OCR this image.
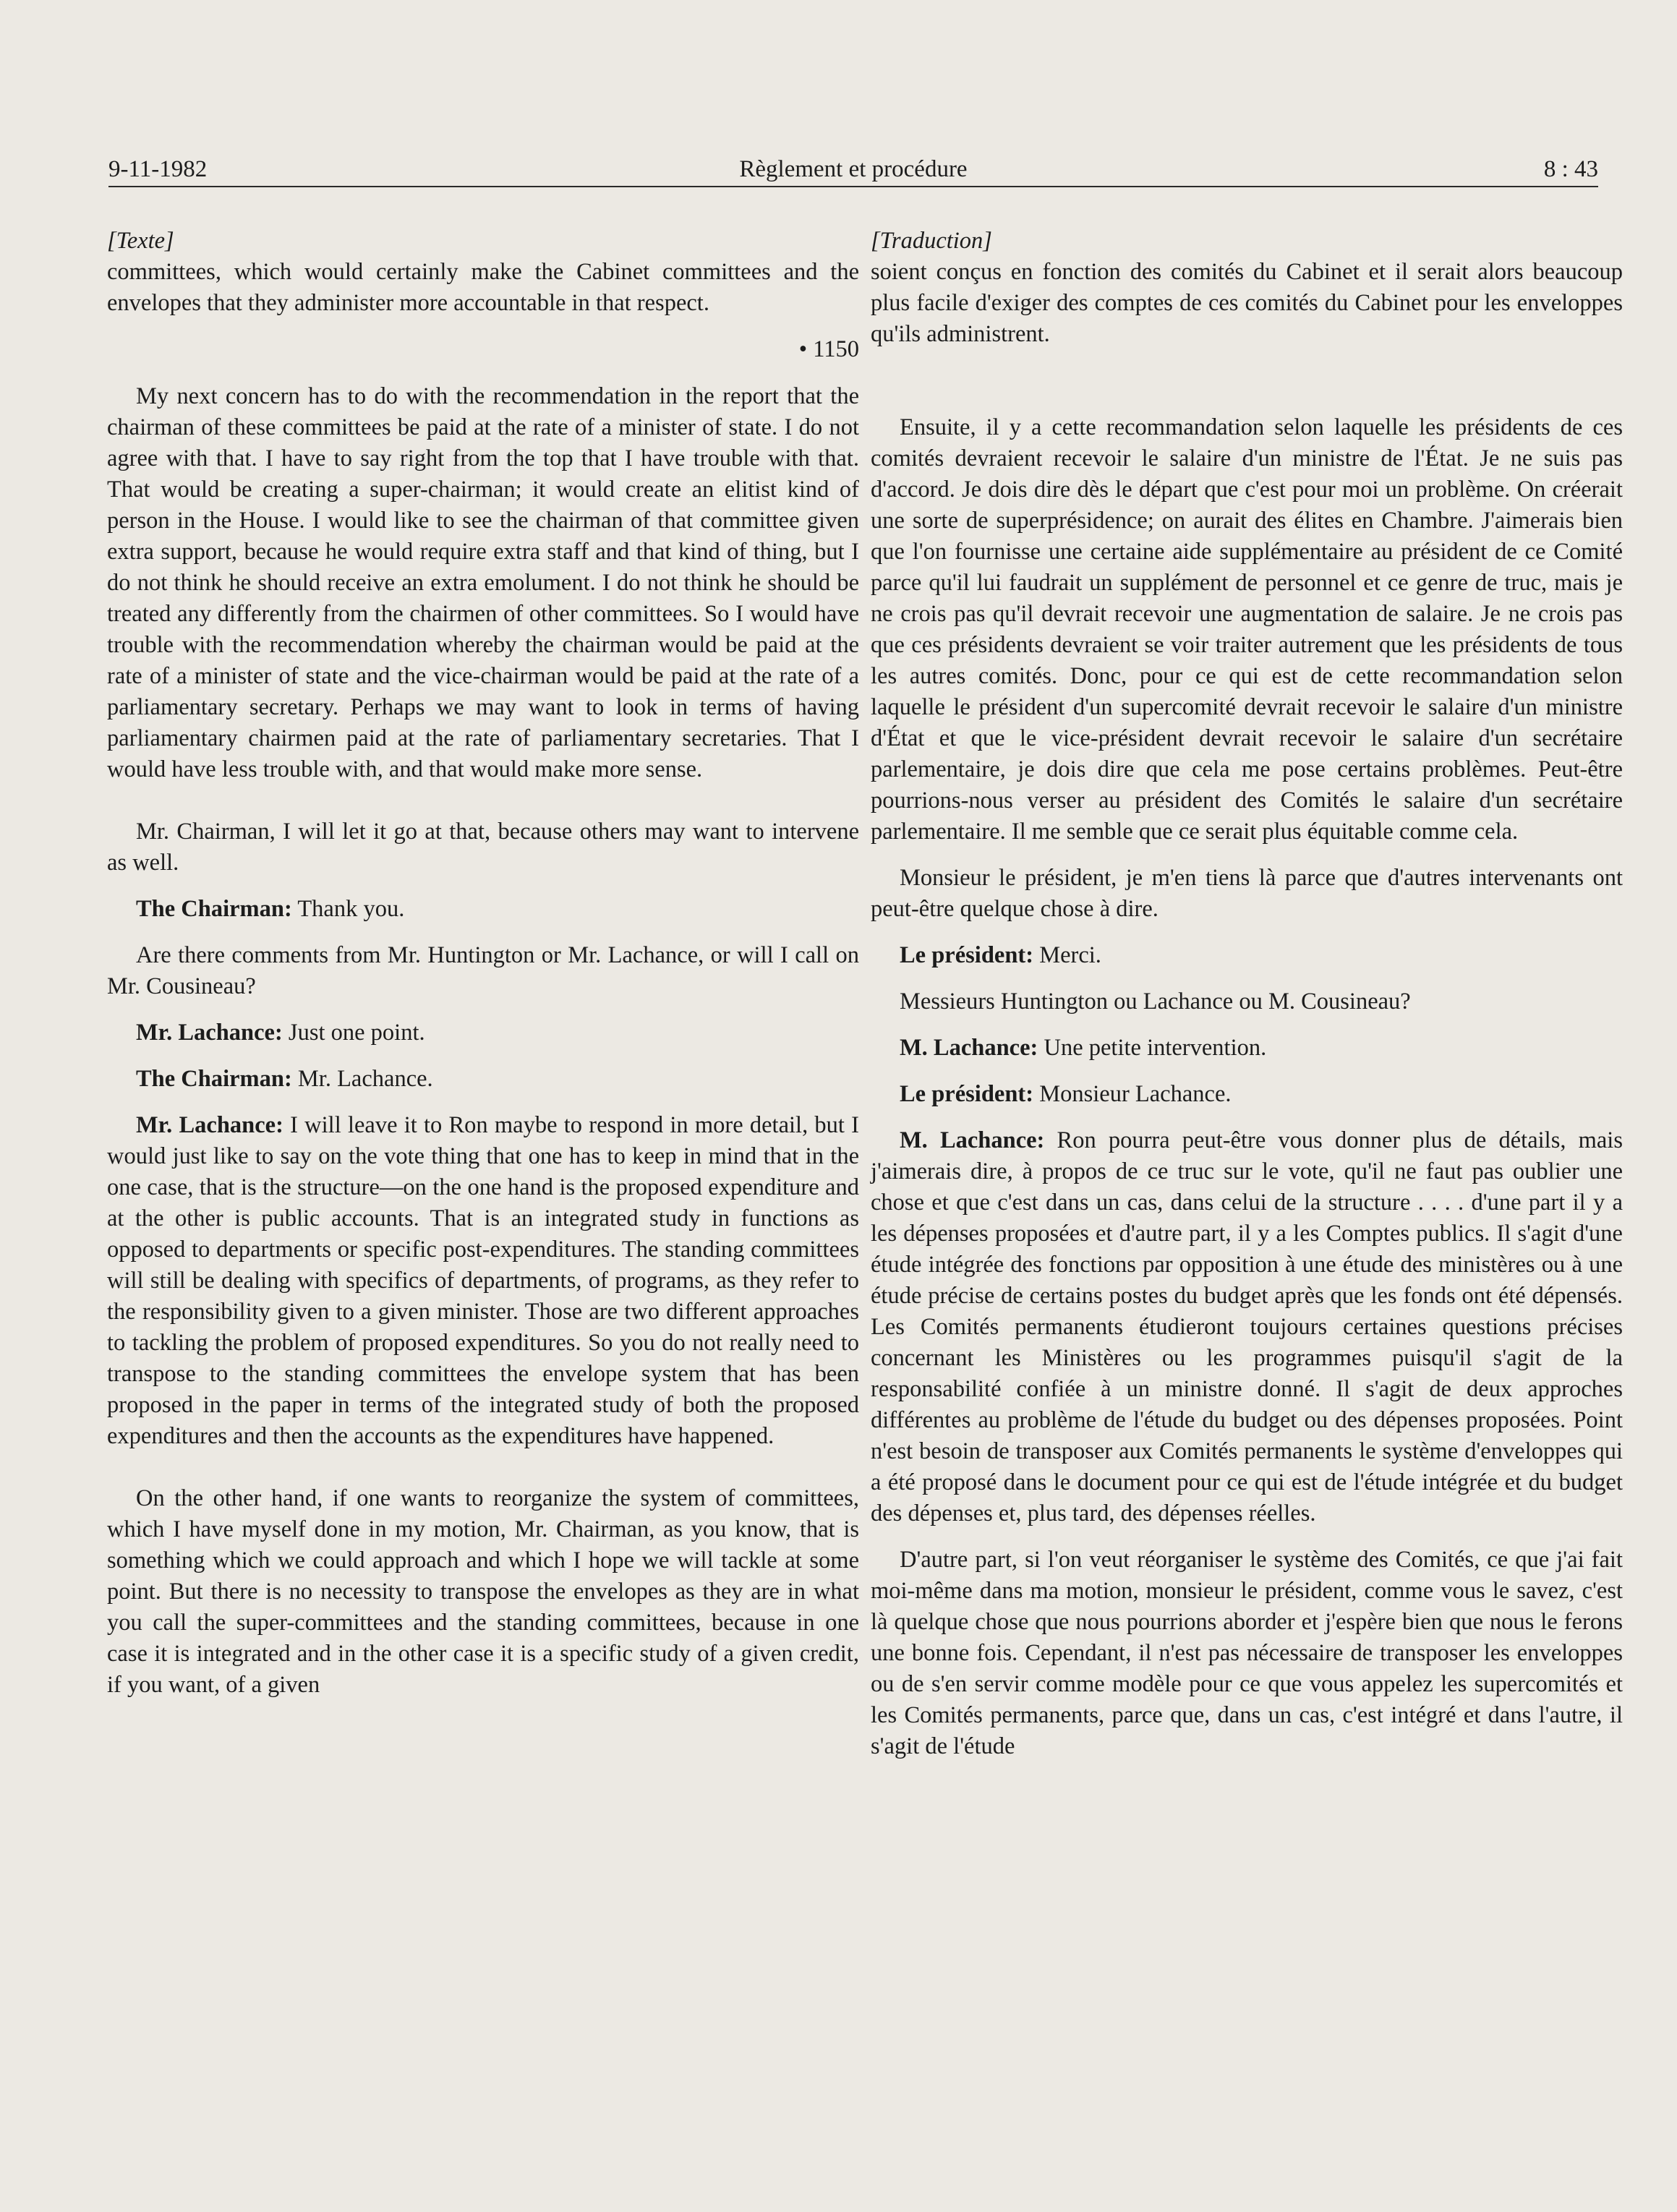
9-11-1982	Règlement et procédure	8 : 43
[Texte]

committees, which would certainly make the Cabinet committees and the envelopes that they administer more accountable in that respect.

• 1150

My next concern has to do with the recommendation in the report that the chairman of these committees be paid at the rate of a minister of state. I do not agree with that. I have to say right from the top that I have trouble with that. That would be creating a super-chairman; it would create an elitist kind of person in the House. I would like to see the chairman of that committee given extra support, because he would require extra staff and that kind of thing, but I do not think he should receive an extra emolument. I do not think he should be treated any differently from the chairmen of other committees. So I would have trouble with the recommendation whereby the chairman would be paid at the rate of a minister of state and the vice-chairman would be paid at the rate of a parliamentary secretary. Perhaps we may want to look in terms of having parliamentary chairmen paid at the rate of parliamentary secretaries. That I would have less trouble with, and that would make more sense.

Mr. Chairman, I will let it go at that, because others may want to intervene as well.

The Chairman: Thank you.

Are there comments from Mr. Huntington or Mr. Lachance, or will I call on Mr. Cousineau?

Mr. Lachance: Just one point.

The Chairman: Mr. Lachance.

Mr. Lachance: I will leave it to Ron maybe to respond in more detail, but I would just like to say on the vote thing that one has to keep in mind that in the one case, that is the structure—on the one hand is the proposed expenditure and at the other is public accounts. That is an integrated study in functions as opposed to departments or specific post-expenditures. The standing committees will still be dealing with specifics of departments, of programs, as they refer to the responsibility given to a given minister. Those are two different approaches to tackling the problem of proposed expenditures. So you do not really need to transpose to the standing committees the envelope system that has been proposed in the paper in terms of the integrated study of both the proposed expenditures and then the accounts as the expenditures have happened.

On the other hand, if one wants to reorganize the system of committees, which I have myself done in my motion, Mr. Chairman, as you know, that is something which we could approach and which I hope we will tackle at some point. But there is no necessity to transpose the envelopes as they are in what you call the super-committees and the standing committees, because in one case it is integrated and in the other case it is a specific study of a given credit, if you want, of a given

[Traduction]

soient conçus en fonction des comités du Cabinet et il serait alors beaucoup plus facile d'exiger des comptes de ces comités du Cabinet pour les enveloppes qu'ils administrent.

Ensuite, il y a cette recommandation selon laquelle les présidents de ces comités devraient recevoir le salaire d'un ministre de l'État. Je ne suis pas d'accord. Je dois dire dès le départ que c'est pour moi un problème. On créerait une sorte de superprésidence; on aurait des élites en Chambre. J'aimerais bien que l'on fournisse une certaine aide supplémentaire au président de ce Comité parce qu'il lui faudrait un supplément de personnel et ce genre de truc, mais je ne crois pas qu'il devrait recevoir une augmentation de salaire. Je ne crois pas que ces présidents devraient se voir traiter autrement que les présidents de tous les autres comités. Donc, pour ce qui est de cette recommandation selon laquelle le président d'un supercomité devrait recevoir le salaire d'un ministre d'État et que le vice-président devrait recevoir le salaire d'un secrétaire parlementaire, je dois dire que cela me pose certains problèmes. Peut-être pourrions-nous verser au président des Comités le salaire d'un secrétaire parlementaire. Il me semble que ce serait plus équitable comme cela.

Monsieur le président, je m'en tiens là parce que d'autres intervenants ont peut-être quelque chose à dire.

Le président: Merci.

Messieurs Huntington ou Lachance ou M. Cousineau?

M. Lachance: Une petite intervention.

Le président: Monsieur Lachance.

M. Lachance: Ron pourra peut-être vous donner plus de détails, mais j'aimerais dire, à propos de ce truc sur le vote, qu'il ne faut pas oublier une chose et que c'est dans un cas, dans celui de la structure . . . . d'une part il y a les dépenses proposées et d'autre part, il y a les Comptes publics. Il s'agit d'une étude intégrée des fonctions par opposition à une étude des ministères ou à une étude précise de certains postes du budget après que les fonds ont été dépensés. Les Comités permanents étudieront toujours certaines questions précises concernant les Ministères ou les programmes puisqu'il s'agit de la responsabilité confiée à un ministre donné. Il s'agit de deux approches différentes au problème de l'étude du budget ou des dépenses proposées. Point n'est besoin de transposer aux Comités permanents le système d'enveloppes qui a été proposé dans le document pour ce qui est de l'étude intégrée et du budget des dépenses et, plus tard, des dépenses réelles.

D'autre part, si l'on veut réorganiser le système des Comités, ce que j'ai fait moi-même dans ma motion, monsieur le président, comme vous le savez, c'est là quelque chose que nous pourrions aborder et j'espère bien que nous le ferons une bonne fois. Cependant, il n'est pas nécessaire de transposer les enveloppes ou de s'en servir comme modèle pour ce que vous appelez les supercomités et les Comités permanents, parce que, dans un cas, c'est intégré et dans l'autre, il s'agit de l'étude
